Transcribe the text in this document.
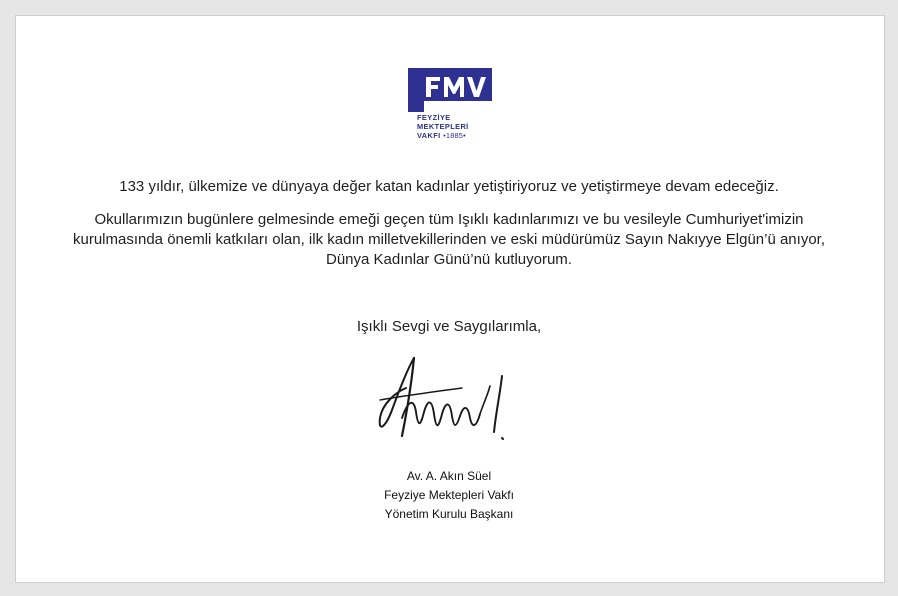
FEYZİYE
MEKTEPLERİ
VAKFI •1885•
133 yıldır, ülkemize ve dünyaya değer katan kadınlar yetiştiriyoruz ve yetiştirmeye devam edeceğiz.
Okullarımızın bugünlere gelmesinde emeği geçen tüm Işıklı kadınlarımızı ve bu vesileyle Cumhuriyet'imizin
kurulmasında önemli katkıları olan, ilk kadın milletvekillerinden ve eski müdürümüz Sayın Nakıyye Elgün’ü anıyor,
Dünya Kadınlar Günü’nü kutluyorum.
Işıklı Sevgi ve Saygılarımla,
Av. A. Akın Süel
Feyziye Mektepleri Vakfı
Yönetim Kurulu Başkanı
